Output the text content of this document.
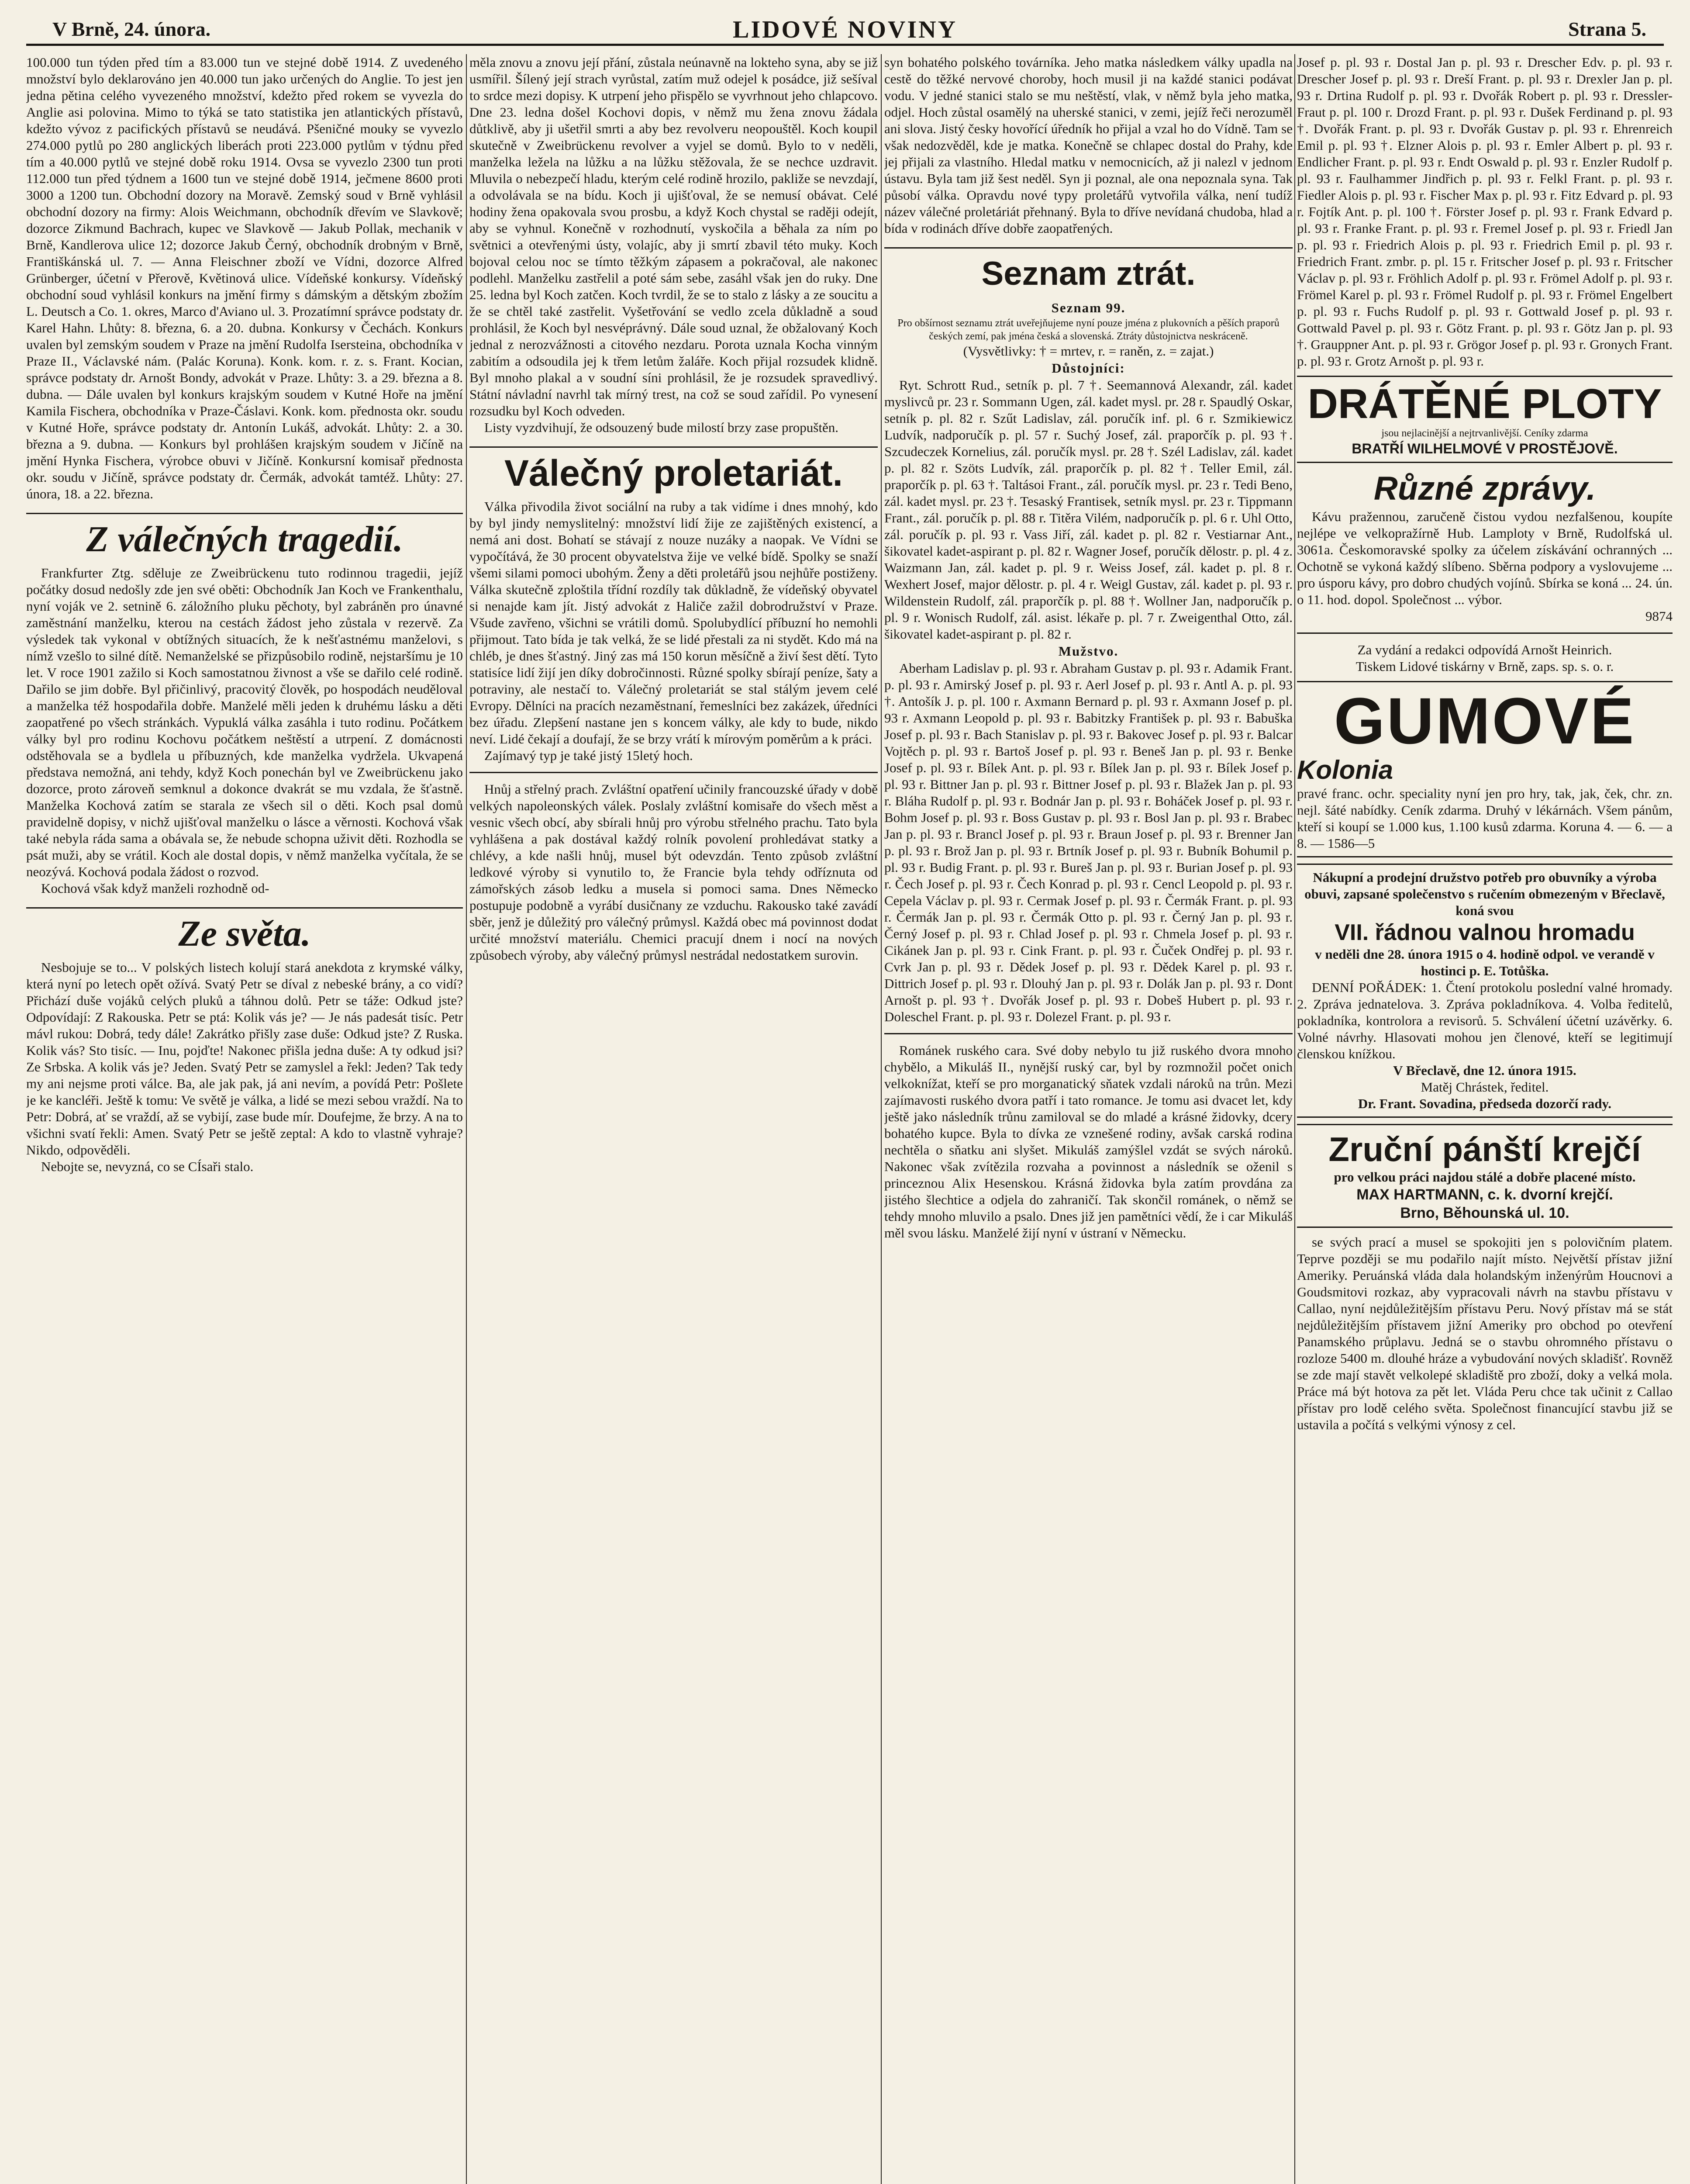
V Brně, 24. února.	LIDOVÉ NOVINY	Strana 5.

100.000 tun týden před tím a 83.000 tun ve stejné době 1914. Z uvedeného množství bylo deklarováno jen 40.000 tun jako určených do Anglie. To jest jen jedna pětina celého vyvezeného množství, kdežto před rokem se vyvezla do Anglie asi polovina. Mimo to týká se tato statistika jen atlantických přístavů, kdežto vývoz z pacifických přístavů se neudává. Pšeničné mouky se vyvezlo 274.000 pytlů po 280 anglických liberách proti 223.000 pytlům v týdnu před tím a 40.000 pytlů ve stejné době roku 1914. Ovsa se vyvezlo 2300 tun proti 112.000 tun před týdnem a 1600 tun ve stejné době 1914, ječmene 8600 proti 3000 a 1200 tun. Obchodní dozory na Moravě. Zemský soud v Brně vyhlásil obchodní dozory na firmy: Alois Weichmann, obchodník dřevím ve Slavkově; dozorce Zikmund Bachrach, kupec ve Slavkově — Jakub Pollak, mechanik v Brně, Kandlerova ulice 12; dozorce Jakub Černý, obchodník drobným v Brně, Františkánská ul. 7. — Anna Fleischner zboží ve Vídni, dozorce Alfred Grünberger, účetní v Přerově, Květinová ulice. Vídeňské konkursy. Vídeňský obchodní soud vyhlásil konkurs na jmění firmy s dámským a dětským zbožím L. Deutsch a Co. 1. okres, Marco d'Aviano ul. 3. Prozatímní správce podstaty dr. Karel Hahn. Lhůty: 8. března, 6. a 20. dubna. Konkursy v Čechách. Konkurs uvalen byl zemským soudem v Praze na jmění Rudolfa Isersteina, obchodníka v Praze II., Václavské nám. (Palác Koruna). Konk. kom. r. z. s. Frant. Kocian, správce podstaty dr. Arnošt Bondy, advokát v Praze. Lhůty: 3. a 29. března a 8. dubna. — Dále uvalen byl konkurs krajským soudem v Kutné Hoře na jmění Kamila Fischera, obchodníka v Praze-Čáslavi. Konk. kom. přednosta okr. soudu v Kutné Hoře, správce podstaty dr. Antonín Lukáš, advokát. Lhůty: 2. a 30. března a 9. dubna. — Konkurs byl prohlášen krajským soudem v Jičíně na jmění Hynka Fischera, výrobce obuvi v Jičíně. Konkursní komisař přednosta okr. soudu v Jičíně, správce podstaty dr. Čermák, advokát tamtéž. Lhůty: 27. února, 18. a 22. března.

Z válečných tragedií.

Frankfurter Ztg. sděluje ze Zweibrückenu tuto rodinnou tragedii, jejíž počátky dosud nedošly zde jen své oběti: Obchodník Jan Koch ve Frankenthalu, nyní voják ve 2. setnině 6. záložního pluku pěchoty, byl zabráněn pro únavné zaměstnání manželku, kterou na cestách žádost jeho zůstala v rezervě. Za výsledek tak vykonal v obtížných situacích, že k nešťastnému manželovi, s nímž vzešlo to silné dítě. Nemanželské se přizpůsobilo rodině, nejstaršímu je 10 let. V roce 1901 zažilo si Koch samostatnou živnost a vše se dařilo celé rodině. Dařilo se jim dobře. Byl přičinlivý, pracovitý člověk, po hospodách neuděloval a manželka též hospodařila dobře. Manželé měli jeden k druhému lásku a děti zaopatřené po všech stránkách. Vypuklá válka zasáhla i tuto rodinu. Počátkem války byl pro rodinu Kochovu počátkem neštěstí a utrpení. Z domácnosti odstěhovala se a bydlela u příbuzných, kde manželka vydržela. Ukvapená představa nemožná, ani tehdy, když Koch ponechán byl ve Zweibrückenu jako dozorce, proto zároveň semknul a dokonce dvakrát se mu vzdala, že šťastně. Manželka Kochová zatím se starala ze všech sil o děti. Koch psal domů pravidelně dopisy, v nichž ujišťoval manželku o lásce a věrnosti. Kochová však také nebyla ráda sama a obávala se, že nebude schopna uživit děti. Rozhodla se psát muži, aby se vrátil. Koch ale dostal dopis, v němž manželka vyčítala, že se neozývá. Kochová podala žádost o rozvod.

Kochová však když manželi rozhodně od-

Ze světa.

Nesbojuje se to... V polských listech kolují stará anekdota z krymské války, která nyní po letech opět ožívá. Svatý Petr se díval z nebeské brány, a co vidí? Přichází duše vojáků celých pluků a táhnou dolů. Petr se táže: Odkud jste? Odpovídají: Z Rakouska. Petr se ptá: Kolik vás je? — Je nás padesát tisíc. Petr mávl rukou: Dobrá, tedy dále! Zakrátko přišly zase duše: Odkud jste? Z Ruska. Kolik vás? Sto tisíc. — Inu, pojďte! Nakonec přišla jedna duše: A ty odkud jsi? Ze Srbska. A kolik vás je? Jeden. Svatý Petr se zamyslel a řekl: Jeden? Tak tedy my ani nejsme proti válce. Ba, ale jak pak, já ani nevím, a povídá Petr: Pošlete je ke kancléři. Ještě k tomu: Ve světě je válka, a lidé se mezi sebou vraždí. Na to Petr: Dobrá, ať se vraždí, až se vybijí, zase bude mír. Doufejme, že brzy. A na to všichni svatí řekli: Amen. Svatý Petr se ještě zeptal: A kdo to vlastně vyhraje? Nikdo, odpověděli.

Nebojte se, nevyzná, co se CÍsaři stalo.

měla znovu a znovu její přání, zůstala neúnavně na lokteho syna, aby se již usmířil. Šílený její strach vyrůstal, zatím muž odejel k posádce, již sešíval to srdce mezi dopisy. K utrpení jeho přispělo se vyvrhnout jeho chlapcovo. Dne 23. ledna došel Kochovi dopis, v němž mu žena znovu žádala důtklivě, aby ji ušetřil smrti a aby bez revolveru neopouštěl. Koch koupil skutečně v Zweibrückenu revolver a vyjel se domů. Bylo to v neděli, manželka ležela na lůžku a na lůžku stěžovala, že se nechce uzdravit. Mluvila o nebezpečí hladu, kterým celé rodině hrozilo, pakliže se nevzdají, a odvolávala se na bídu. Koch ji ujišťoval, že se nemusí obávat. Celé hodiny žena opakovala svou prosbu, a když Koch chystal se raději odejít, aby se vyhnul. Konečně v rozhodnutí, vyskočila a běhala za ním po světnici a otevřenými ústy, volajíc, aby ji smrtí zbavil této muky. Koch bojoval celou noc se tímto těžkým zápasem a pokračoval, ale nakonec podlehl. Manželku zastřelil a poté sám sebe, zasáhl však jen do ruky. Dne 25. ledna byl Koch zatčen. Koch tvrdil, že se to stalo z lásky a ze soucitu a že se chtěl také zastřelit. Vyšetřování se vedlo zcela důkladně a soud prohlásil, že Koch byl nesvéprávný. Dále soud uznal, že obžalovaný Koch jednal z nerozvážnosti a citového nezdaru. Porota uznala Kocha vinným zabitím a odsoudila jej k třem letům žaláře. Koch přijal rozsudek klidně. Byl mnoho plakal a v soudní síni prohlásil, že je rozsudek spravedlivý. Státní návladní navrhl tak mírný trest, na což se soud zařídil. Po vynesení rozsudku byl Koch odveden.

Listy vyzdvihují, že odsouzený bude milostí brzy zase propuštěn.

Válečný proletariát.

Válka přivodila život sociální na ruby a tak vidíme i dnes mnohý, kdo by byl jindy nemyslitelný: množství lidí žije ze zajištěných existencí, a nemá ani dost. Bohatí se stávají z nouze nuzáky a naopak. Ve Vídni se vypočítává, že 30 procent obyvatelstva žije ve velké bídě. Spolky se snaží všemi silami pomoci ubohým. Ženy a děti proletářů jsou nejhůře postiženy. Válka skutečně zploštila třídní rozdíly tak důkladně, že vídeňský obyvatel si nenajde kam jít. Jistý advokát z Haliče zažil dobrodružství v Praze. Všude zavřeno, všichni se vrátili domů. Spolubydlící příbuzní ho nemohli přijmout. Tato bída je tak velká, že se lidé přestali za ni stydět. Kdo má na chléb, je dnes šťastný. Jiný zas má 150 korun měsíčně a živí šest dětí. Tyto statisíce lidí žijí jen díky dobročinnosti. Různé spolky sbírají peníze, šaty a potraviny, ale nestačí to. Válečný proletariát se stal stálým jevem celé Evropy. Dělníci na pracích nezaměstnaní, řemeslníci bez zakázek, úředníci bez úřadu. Zlepšení nastane jen s koncem války, ale kdy to bude, nikdo neví. Lidé čekají a doufají, že se brzy vrátí k mírovým poměrům a k práci.

Zajímavý typ je také jistý 15letý hoch.

Hnůj a střelný prach. Zvláštní opatření učinily francouzské úřady v době velkých napoleonských válek. Poslaly zvláštní komisaře do všech měst a vesnic všech obcí, aby sbírali hnůj pro výrobu střelného prachu. Tato byla vyhlášena a pak dostával každý rolník povolení prohledávat statky a chlévy, a kde našli hnůj, musel být odevzdán. Tento způsob zvláštní ledkové výroby si vynutilo to, že Francie byla tehdy odříznuta od zámořských zásob ledku a musela si pomoci sama. Dnes Německo postupuje podobně a vyrábí dusičnany ze vzduchu. Rakousko také zavádí sběr, jenž je důležitý pro válečný průmysl. Každá obec má povinnost dodat určité množství materiálu. Chemici pracují dnem i nocí na nových způsobech výroby, aby válečný průmysl nestrádal nedostatkem surovin.

syn bohatého polského továrníka. Jeho matka následkem války upadla na cestě do těžké nervové choroby, hoch musil ji na každé stanici podávat vodu. V jedné stanici stalo se mu neštěstí, vlak, v němž byla jeho matka, odjel. Hoch zůstal osamělý na uherské stanici, v zemi, jejíž řeči nerozuměl ani slova. Jistý česky hovořící úředník ho přijal a vzal ho do Vídně. Tam se však nedozvěděl, kde je matka. Konečně se chlapec dostal do Prahy, kde jej přijali za vlastního. Hledal matku v nemocnicích, až ji nalezl v jednom ústavu. Byla tam již šest neděl. Syn ji poznal, ale ona nepoznala syna. Tak působí válka. Opravdu nové typy proletářů vytvořila válka, není tudíž název válečné proletáriát přehnaný. Byla to dříve nevídaná chudoba, hlad a bída v rodinách dříve dobře zaopatřených.

Seznam ztrát.
Seznam 99.

Pro obšírnost seznamu ztrát uveřejňujeme nyní pouze jména z plukovních a pěších praporů českých zemí, pak jména česká a slovenská. Ztráty důstojnictva neskráceně.

(Vysvětlivky: † = mrtev, r. = raněn, z. = zajat.)

Důstojníci:

Ryt. Schrott Rud., setník p. pl. 7 †. Seemannová Alexandr, zál. kadet myslivců pr. 23 r. Sommann Ugen, zál. kadet mysl. pr. 28 r. Spaudlý Oskar, setník p. pl. 82 r. Szűt Ladislav, zál. poručík inf. pl. 6 r. Szmikiewicz Ludvík, nadporučík p. pl. 57 r. Suchý Josef, zál. praporčík p. pl. 93 †. Szcudeczek Kornelius, zál. poručík mysl. pr. 28 †. Szél Ladislav, zál. kadet p. pl. 82 r. Szöts Ludvík, zál. praporčík p. pl. 82 †. Teller Emil, zál. praporčík p. pl. 63 †. Taltásoi Frant., zál. poručík mysl. pr. 23 r. Tedi Beno, zál. kadet mysl. pr. 23 †. Tesaský Frantisek, setník mysl. pr. 23 r. Tippmann Frant., zál. poručík p. pl. 88 r. Titěra Vilém, nadporučík p. pl. 6 r. Uhl Otto, zál. poručík p. pl. 93 r. Vass Jiří, zál. kadet p. pl. 82 r. Vestiarnar Ant., šikovatel kadet-aspirant p. pl. 82 r. Wagner Josef, poručík dělostr. p. pl. 4 z. Waizmann Jan, zál. kadet p. pl. 9 r. Weiss Josef, zál. kadet p. pl. 8 r. Wexhert Josef, major dělostr. p. pl. 4 r. Weigl Gustav, zál. kadet p. pl. 93 r. Wildenstein Rudolf, zál. praporčík p. pl. 88 †. Wollner Jan, nadporučík p. pl. 9 r. Wonisch Rudolf, zál. asist. lékaře p. pl. 7 r. Zweigenthal Otto, zál. šikovatel kadet-aspirant p. pl. 82 r.

Mužstvo.

Aberham Ladislav p. pl. 93 r. Abraham Gustav p. pl. 93 r. Adamik Frant. p. pl. 93 r. Amirský Josef p. pl. 93 r. Aerl Josef p. pl. 93 r. Antl A. p. pl. 93 †. Antošík J. p. pl. 100 r. Axmann Bernard p. pl. 93 r. Axmann Josef p. pl. 93 r. Axmann Leopold p. pl. 93 r. Babitzky František p. pl. 93 r. Babuška Josef p. pl. 93 r. Bach Stanislav p. pl. 93 r. Bakovec Josef p. pl. 93 r. Balcar Vojtěch p. pl. 93 r. Bartoš Josef p. pl. 93 r. Beneš Jan p. pl. 93 r. Benke Josef p. pl. 93 r. Bílek Ant. p. pl. 93 r. Bílek Jan p. pl. 93 r. Bílek Josef p. pl. 93 r. Bittner Jan p. pl. 93 r. Bittner Josef p. pl. 93 r. Blažek Jan p. pl. 93 r. Bláha Rudolf p. pl. 93 r. Bodnár Jan p. pl. 93 r. Boháček Josef p. pl. 93 r. Bohm Josef p. pl. 93 r. Boss Gustav p. pl. 93 r. Bosl Jan p. pl. 93 r. Brabec Jan p. pl. 93 r. Brancl Josef p. pl. 93 r. Braun Josef p. pl. 93 r. Brenner Jan p. pl. 93 r. Brož Jan p. pl. 93 r. Brtník Josef p. pl. 93 r. Bubník Bohumil p. pl. 93 r. Budig Frant. p. pl. 93 r. Bureš Jan p. pl. 93 r. Burian Josef p. pl. 93 r. Čech Josef p. pl. 93 r. Čech Konrad p. pl. 93 r. Cencl Leopold p. pl. 93 r. Cepela Václav p. pl. 93 r. Cermak Josef p. pl. 93 r. Čermák Frant. p. pl. 93 r. Čermák Jan p. pl. 93 r. Čermák Otto p. pl. 93 r. Černý Jan p. pl. 93 r. Černý Josef p. pl. 93 r. Chlad Josef p. pl. 93 r. Chmela Josef p. pl. 93 r. Cikánek Jan p. pl. 93 r. Cink Frant. p. pl. 93 r. Čuček Ondřej p. pl. 93 r. Cvrk Jan p. pl. 93 r. Dědek Josef p. pl. 93 r. Dědek Karel p. pl. 93 r. Dittrich Josef p. pl. 93 r. Dlouhý Jan p. pl. 93 r. Dolák Jan p. pl. 93 r. Dont Arnošt p. pl. 93 †. Dvořák Josef p. pl. 93 r. Dobeš Hubert p. pl. 93 r. Doleschel Frant. p. pl. 93 r. Dolezel Frant. p. pl. 93 r.

Románek ruského cara. Své doby nebylo tu již ruského dvora mnoho chybělo, a Mikuláš II., nynější ruský car, byl by rozmnožil počet onich velkoknížat, kteří se pro morganatický sňatek vzdali nároků na trůn. Mezi zajímavosti ruského dvora patří i tato romance. Je tomu asi dvacet let, kdy ještě jako následník trůnu zamiloval se do mladé a krásné židovky, dcery bohatého kupce. Byla to dívka ze vznešené rodiny, avšak carská rodina nechtěla o sňatku ani slyšet. Mikuláš zamýšlel vzdát se svých nároků. Nakonec však zvítězila rozvaha a povinnost a následník se oženil s princeznou Alix Hesenskou. Krásná židovka byla zatím provdána za jistého šlechtice a odjela do zahraničí. Tak skončil románek, o němž se tehdy mnoho mluvilo a psalo. Dnes již jen pamětníci vědí, že i car Mikuláš měl svou lásku. Manželé žijí nyní v ústraní v Německu.

Josef p. pl. 93 r. Dostal Jan p. pl. 93 r. Drescher Edv. p. pl. 93 r. Drescher Josef p. pl. 93 r. Dreší Frant. p. pl. 93 r. Drexler Jan p. pl. 93 r. Drtina Rudolf p. pl. 93 r. Dvořák Robert p. pl. 93 r. Dressler-Fraut p. pl. 100 r. Drozd Frant. p. pl. 93 r. Dušek Ferdinand p. pl. 93 †. Dvořák Frant. p. pl. 93 r. Dvořák Gustav p. pl. 93 r. Ehrenreich Emil p. pl. 93 †. Elzner Alois p. pl. 93 r. Emler Albert p. pl. 93 r. Endlicher Frant. p. pl. 93 r. Endt Oswald p. pl. 93 r. Enzler Rudolf p. pl. 93 r. Faulhammer Jindřich p. pl. 93 r. Felkl Frant. p. pl. 93 r. Fiedler Alois p. pl. 93 r. Fischer Max p. pl. 93 r. Fitz Edvard p. pl. 93 r. Fojtík Ant. p. pl. 100 †. Förster Josef p. pl. 93 r. Frank Edvard p. pl. 93 r. Franke Frant. p. pl. 93 r. Fremel Josef p. pl. 93 r. Friedl Jan p. pl. 93 r. Friedrich Alois p. pl. 93 r. Friedrich Emil p. pl. 93 r. Friedrich Frant. zmbr. p. pl. 15 r. Fritscher Josef p. pl. 93 r. Fritscher Václav p. pl. 93 r. Fröhlich Adolf p. pl. 93 r. Frömel Adolf p. pl. 93 r. Frömel Karel p. pl. 93 r. Frömel Rudolf p. pl. 93 r. Frömel Engelbert p. pl. 93 r. Fuchs Rudolf p. pl. 93 r. Gottwald Josef p. pl. 93 r. Gottwald Pavel p. pl. 93 r. Götz Frant. p. pl. 93 r. Götz Jan p. pl. 93 †. Grauppner Ant. p. pl. 93 r. Grögor Josef p. pl. 93 r. Gronych Frant. p. pl. 93 r. Grotz Arnošt p. pl. 93 r.

DRÁTĚNÉ PLOTY
jsou nejlacinější a nejtrvanlivější. Ceníky zdarma
BRATŘÍ WILHELMOVÉ V PROSTĚJOVĚ.
Různé zprávy.

Kávu pražennou, zaručeně čistou vydou nezfalšenou, koupíte nejlépe ve velkopražírně Hub. Lamploty v Brně, Rudolfská ul. 3061a. Českomoravské spolky za účelem získávání ochranných ... Ochotně se vykoná každý slíbeno. Sběrna podpory a vyslovujeme ... pro úsporu kávy, pro dobro chudých vojínů. Sbírka se koná ... 24. ún. o 11. hod. dopol. Společnost ... výbor.

9874

Za vydání a redakci odpovídá Arnošt Heinrich.

Tiskem Lidové tiskárny v Brně, zaps. sp. s. o. r.

GUMOVÉ
Kolonia

pravé franc. ochr. speciality nyní jen pro hry, tak, jak, ček, chr. zn. nejl. šáté nabídky. Ceník zdarma. Druhý v lékárnách. Všem pánům, kteří si koupí se 1.000 kus, 1.100 kusů zdarma. Koruna 4. — 6. — a 8. — 1586—5

Nákupní a prodejní družstvo potřeb pro obuvníky a výroba obuvi, zapsané společenstvo s ručením obmezeným v Břeclavě, koná svou

VII. řádnou valnou hromadu

v neděli dne 28. února 1915 o 4. hodině odpol. ve verandě v hostinci p. E. Totůška.

DENNÍ POŘÁDEK: 1. Čtení protokolu poslední valné hromady. 2. Zpráva jednatelova. 3. Zpráva pokladníkova. 4. Volba ředitelů, pokladníka, kontrolora a revisorů. 5. Schválení účetní uzávěrky. 6. Volné návrhy. Hlasovati mohou jen členové, kteří se legitimují členskou knížkou.

V Břeclavě, dne 12. února 1915.

Matěj Chrástek, ředitel.

Dr. Frant. Sovadina, předseda dozorčí rady.

Zruční pánští krejčí

pro velkou práci najdou stálé a dobře placené místo.

MAX HARTMANN, c. k. dvorní krejčí.
Brno, Běhounská ul. 10.

se svých prací a musel se spokojiti jen s polovičním platem. Teprve později se mu podařilo najít místo. Největší přístav jižní Ameriky. Peruánská vláda dala holandským inženýrům Houcnovi a Goudsmitovi rozkaz, aby vypracovali návrh na stavbu přístavu v Callao, nyní nejdůležitějším přístavu Peru. Nový přístav má se stát nejdůležitějším přístavem jižní Ameriky pro obchod po otevření Panamského průplavu. Jedná se o stavbu ohromného přístavu o rozloze 5400 m. dlouhé hráze a vybudování nových skladišť. Rovněž se zde mají stavět velkolepé skladiště pro zboží, doky a velká mola. Práce má být hotova za pět let. Vláda Peru chce tak učinit z Callao přístav pro lodě celého světa. Společnost financující stavbu již se ustavila a počítá s velkými výnosy z cel.
